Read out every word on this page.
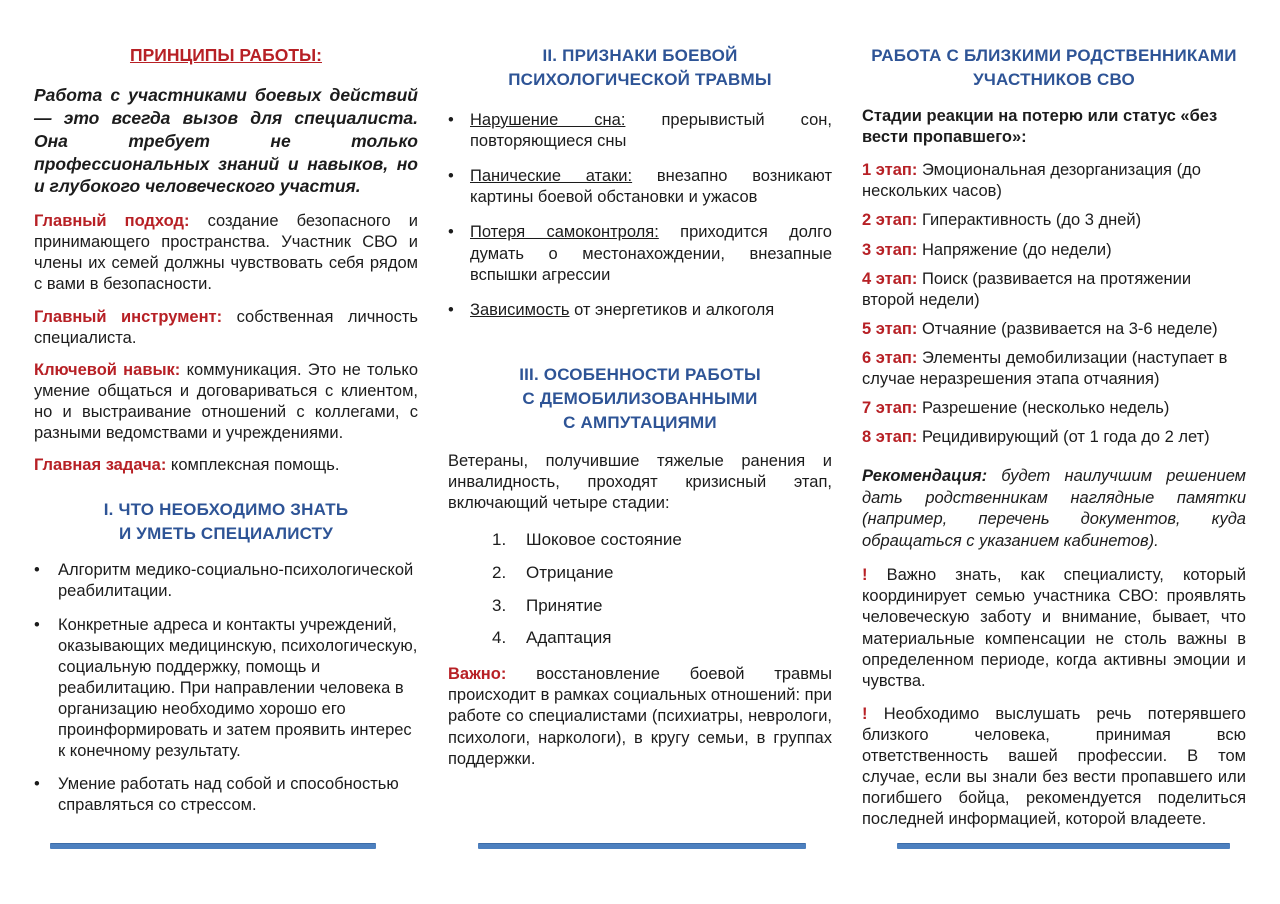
ПРИНЦИПЫ РАБОТЫ:

Работа с участниками боевых действий — это всегда вызов для специалиста. Она требует не только профессиональных знаний и навыков, но и глубокого человеческого участия.

Главный подход: создание безопасного и принимающего пространства. Участник СВО и члены их семей должны чувствовать себя рядом с вами в безопасности.

Главный инструмент: собственная личность специалиста.

Ключевой навык: коммуникация. Это не только умение общаться и договариваться с клиентом, но и выстраивание отношений с коллегами, с разными ведомствами и учреждениями.

Главная задача: комплексная помощь.

I. ЧТО НЕОБХОДИМО ЗНАТЬ
И УМЕТЬ СПЕЦИАЛИСТУ
•
Алгоритм медико-социально-психологической реабилитации.
•
Конкретные адреса и контакты учреждений, оказывающих медицинскую, психологическую, социальную поддержку, помощь и реабилитацию. При направлении человека в организацию необходимо хорошо его проинформировать и затем проявить интерес к конечному результату.
•
Умение работать над собой и способностью справляться со стрессом.
II. ПРИЗНАКИ БОЕВОЙ
ПСИХОЛОГИЧЕСКОЙ ТРАВМЫ
•
Нарушение сна: прерывистый сон, повторяющиеся сны
•
Панические атаки: внезапно возникают картины боевой обстановки и ужасов
•
Потеря самоконтроля: приходится долго думать о местонахождении, внезапные вспышки агрессии
•
Зависимость от энергетиков и алкоголя
III. ОСОБЕННОСТИ РАБОТЫ
С ДЕМОБИЛИЗОВАННЫМИ
С АМПУТАЦИЯМИ

Ветераны, получившие тяжелые ранения и инвалидность, проходят кризисный этап, включающий четыре стадии:

1.	Шоковое состояние
2.	Отрицание
3.	Принятие
4.	Адаптация

Важно: восстановление боевой травмы происходит в рамках социальных отношений: при работе со специалистами (психиатры, неврологи, психологи, наркологи), в кругу семьи, в группах поддержки.

РАБОТА С БЛИЗКИМИ РОДСТВЕННИКАМИ
УЧАСТНИКОВ СВО

Стадии реакции на потерю или статус «без вести пропавшего»:

1 этап: Эмоциональная дезорганизация (до нескольких часов)

2 этап: Гиперактивность (до 3 дней)

3 этап: Напряжение (до недели)

4 этап: Поиск (развивается на протяжении второй недели)

5 этап: Отчаяние (развивается на 3-6 неделе)

6 этап: Элементы демобилизации (наступает в случае неразрешения этапа отчаяния)

7 этап: Разрешение (несколько недель)

8 этап: Рецидивирующий (от 1 года до 2 лет)

Рекомендация: будет наилучшим решением дать родственникам наглядные памятки (например, перечень документов, куда обращаться с указанием кабинетов).

! Важно знать, как специалисту, который координирует семью участника СВО: проявлять человеческую заботу и внимание, бывает, что материальные компенсации не столь важны в определенном периоде, когда активны эмоции и чувства.

! Необходимо выслушать речь потерявшего близкого человека, принимая всю ответственность вашей профессии. В том случае, если вы знали без вести пропавшего или погибшего бойца, рекомендуется поделиться последней информацией, которой владеете.
